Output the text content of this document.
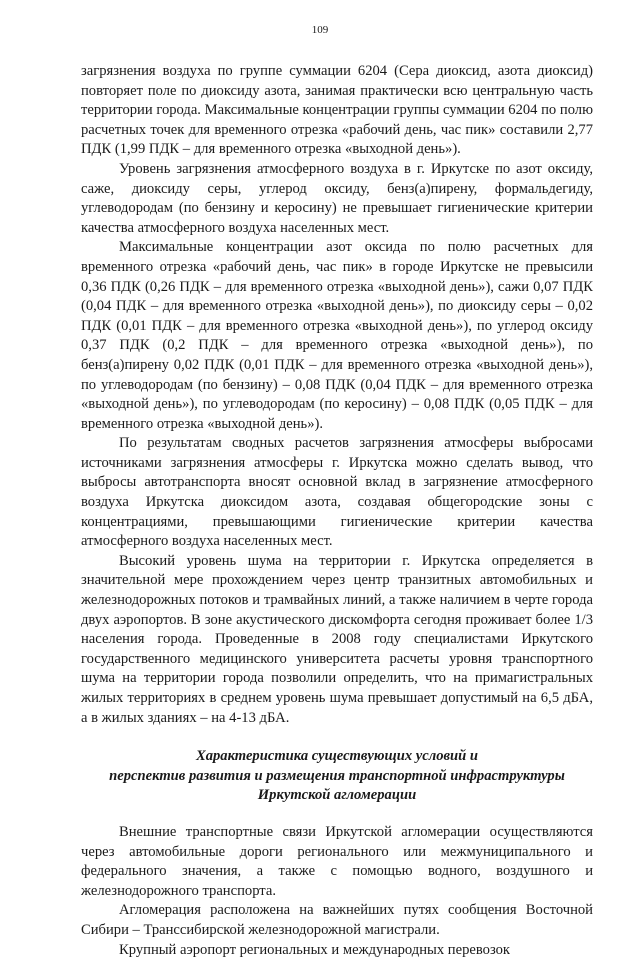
109

загрязнения воздуха по группе суммации 6204 (Сера диоксид, азота диоксид) повторяет поле по диоксиду азота, занимая практически всю центральную часть территории города. Максимальные концентрации группы суммации 6204 по полю расчетных точек для временного отрезка «рабочий день, час пик» составили 2,77 ПДК (1,99 ПДК – для временного отрезка «выходной день»).

Уровень загрязнения атмосферного воздуха в г. Иркутске по азот оксиду, саже, диоксиду серы, углерод оксиду, бенз(а)пирену, формальдегиду, углеводородам (по бензину и керосину) не превышает гигиенические критерии качества атмосферного воздуха населенных мест.

Максимальные концентрации азот оксида по полю расчетных для временного отрезка «рабочий день, час пик» в городе Иркутске не превысили 0,36 ПДК (0,26 ПДК – для временного отрезка «выходной день»), сажи 0,07 ПДК (0,04 ПДК – для временного отрезка «выходной день»), по диоксиду серы – 0,02 ПДК (0,01 ПДК – для временного отрезка «выходной день»), по углерод оксиду 0,37 ПДК (0,2 ПДК – для временного отрезка «выходной день»), по бенз(а)пирену 0,02 ПДК (0,01 ПДК – для временного отрезка «выходной день»), по углеводородам (по бензину) – 0,08 ПДК (0,04 ПДК – для временного отрезка «выходной день»), по углеводородам (по керосину) – 0,08 ПДК (0,05 ПДК – для временного отрезка «выходной день»).

По результатам сводных расчетов загрязнения атмосферы выбросами источниками загрязнения атмосферы г. Иркутска можно сделать вывод, что выбросы автотранспорта вносят основной вклад в загрязнение атмосферного воздуха Иркутска диоксидом азота, создавая общегородские зоны с концентрациями, превышающими гигиенические критерии качества атмосферного воздуха населенных мест.

Высокий уровень шума на территории г. Иркутска определяется в значительной мере прохождением через центр транзитных автомобильных и железнодорожных потоков и трамвайных линий, а также наличием в черте города двух аэропортов. В зоне акустического дискомфорта сегодня проживает более 1/3 населения города. Проведенные в 2008 году специалистами Иркутского государственного медицинского университета расчеты уровня транспортного шума на территории города позволили определить, что на примагистральных жилых территориях в среднем уровень шума превышает допустимый на 6,5 дБА, а в жилых зданиях – на 4-13 дБА.

Характеристика существующих условий и
перспектив развития и размещения транспортной инфраструктуры
Иркутской агломерации

Внешние транспортные связи Иркутской агломерации осуществляются через автомобильные дороги регионального или межмуниципального и федерального значения, а также с помощью водного, воздушного и железнодорожного транспорта.

Агломерация расположена на важнейших путях сообщения Восточной Сибири – Транссибирской железнодорожной магистрали.

Крупный аэропорт региональных и международных перевозок
